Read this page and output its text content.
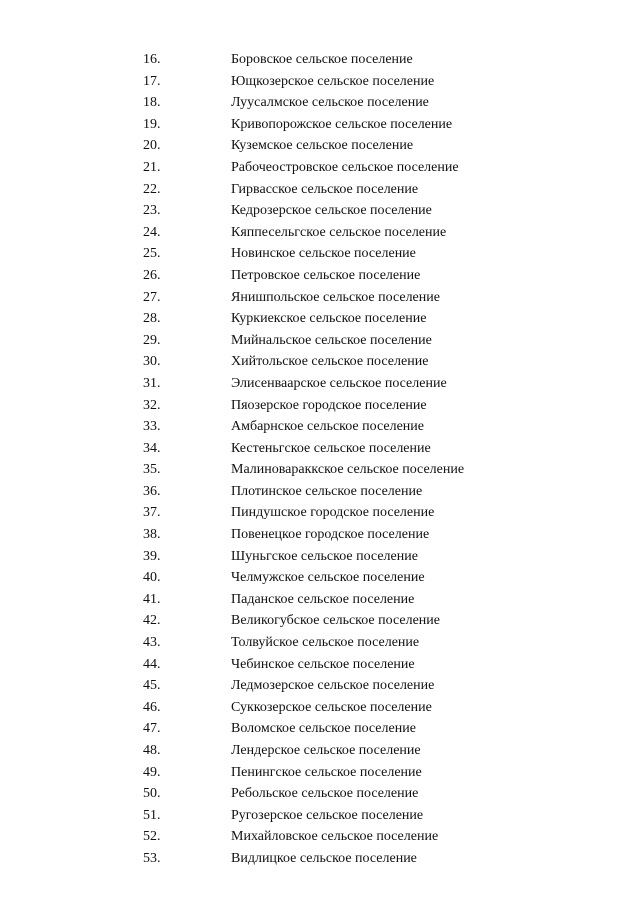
16.	Боровское сельское поселение
17.	Ющкозерское сельское поселение
18.	Луусалмское сельское поселение
19.	Кривопорожское сельское поселение
20.	Куземское сельское поселение
21.	Рабочеостровское сельское поселение
22.	Гирвасское сельское поселение
23.	Кедрозерское сельское поселение
24.	Кяппесельгское сельское поселение
25.	Новинское сельское поселение
26.	Петровское сельское поселение
27.	Янишпольское сельское поселение
28.	Куркиекское сельское поселение
29.	Мийнальское сельское поселение
30.	Хийтольское сельское поселение
31.	Элисенваарское сельское поселение
32.	Пяозерское городское поселение
33.	Амбарнское сельское поселение
34.	Кестеньгское сельское поселение
35.	Малиновараккское сельское поселение
36.	Плотинское сельское поселение
37.	Пиндушское городское поселение
38.	Повенецкое городское поселение
39.	Шуньгское сельское поселение
40.	Челмужское сельское поселение
41.	Паданское сельское поселение
42.	Великогубское сельское поселение
43.	Толвуйское сельское поселение
44.	Чебинское сельское поселение
45.	Ледмозерское сельское поселение
46.	Суккозерское сельское поселение
47.	Воломское сельское поселение
48.	Лендерское сельское поселение
49.	Пенингское сельское поселение
50.	Ребольское сельское поселение
51.	Ругозерское сельское поселение
52.	Михайловское сельское поселение
53.	Видлицкое сельское поселение
